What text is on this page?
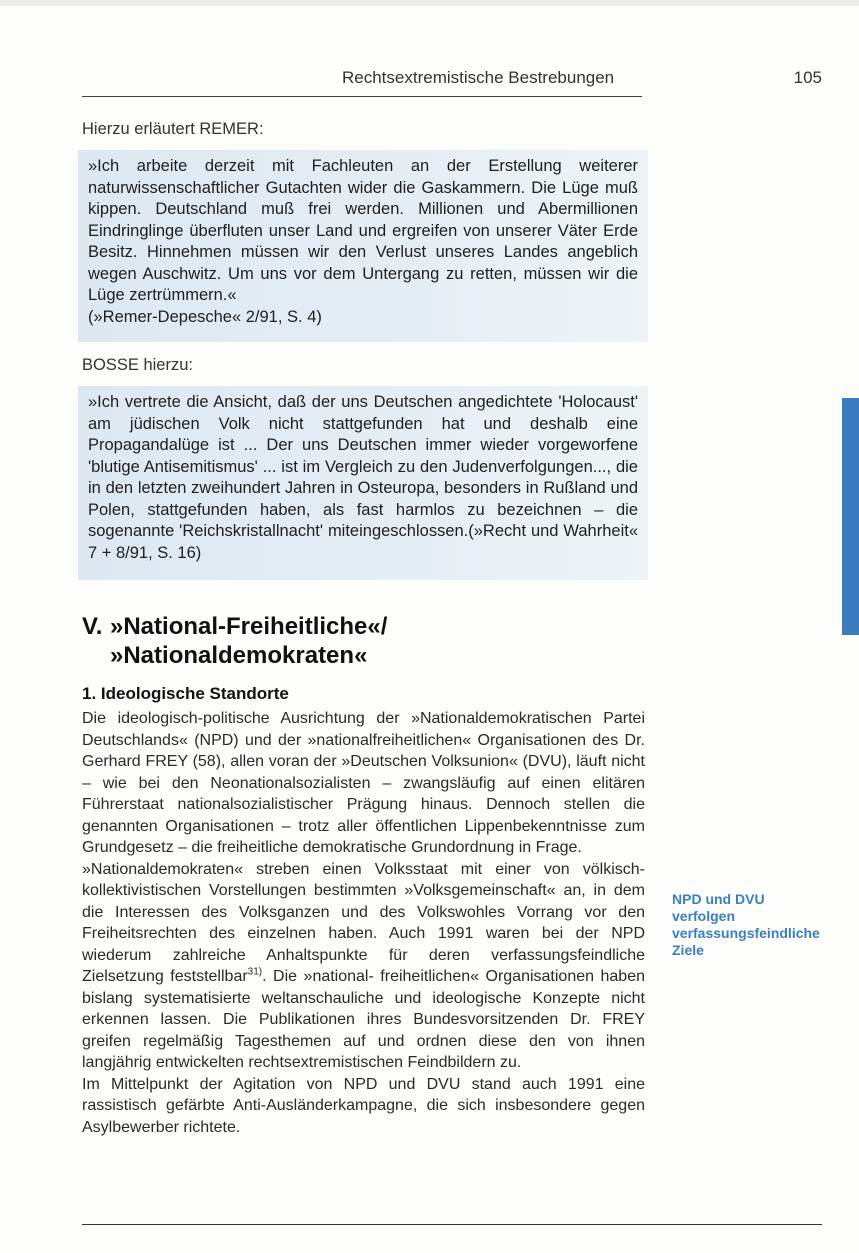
Rechtsextremistische Bestrebungen	105
Hierzu erläutert REMER:

»Ich arbeite derzeit mit Fachleuten an der Erstellung weiterer naturwissenschaftlicher Gutachten wider die Gaskammern. Die Lüge muß kippen. Deutschland muß frei werden. Millionen und Abermillionen Eindringlinge überfluten unser Land und ergreifen von unserer Väter Erde Besitz. Hinnehmen müssen wir den Verlust unseres Landes angeblich wegen Auschwitz. Um uns vor dem Untergang zu retten, müssen wir die Lüge zertrümmern.«

(»Remer-Depesche« 2/91, S. 4)

BOSSE hierzu:

»Ich vertrete die Ansicht, daß der uns Deutschen angedichtete 'Holocaust' am jüdischen Volk nicht stattgefunden hat und deshalb eine Propagandalüge ist ... Der uns Deutschen immer wieder vorgeworfene 'blutige Antisemitismus' ... ist im Vergleich zu den Judenverfolgungen..., die in den letzten zweihundert Jahren in Osteuropa, besonders in Rußland und Polen, stattgefunden haben, als fast harmlos zu bezeichnen – die sogenannte 'Reichskristallnacht' miteingeschlossen.(»Recht und Wahrheit« 7 + 8/91, S. 16)

V. »National-Freiheitliche«/
»Nationaldemokraten«
1. Ideologische Standorte

Die ideologisch-politische Ausrichtung der »Nationaldemokratischen Partei Deutschlands« (NPD) und der »nationalfreiheitlichen« Organisationen des Dr. Gerhard FREY (58), allen voran der »Deutschen Volksunion« (DVU), läuft nicht – wie bei den Neonationalsozialisten – zwangsläufig auf einen elitären Führerstaat nationalsozialistischer Prägung hinaus. Dennoch stellen die genannten Organisationen – trotz aller öffentlichen Lippenbekenntnisse zum Grundgesetz – die freiheitliche demokratische Grundordnung in Frage.

»Nationaldemokraten« streben einen Volksstaat mit einer von völkisch-kollektivistischen Vorstellungen bestimmten »Volksgemeinschaft« an, in dem die Interessen des Volksganzen und des Volkswohles Vorrang vor den Freiheitsrechten des einzelnen haben. Auch 1991 waren bei der NPD wiederum zahlreiche Anhaltspunkte für deren verfassungsfeindliche Zielsetzung feststellbar$^{31)}$. Die »national- freiheitlichen« Organisationen haben bislang systematisierte weltanschauliche und ideologische Konzepte nicht erkennen lassen. Die Publikationen ihres Bundesvorsitzenden Dr. FREY greifen regelmäßig Tagesthemen auf und ordnen diese den von ihnen langjährig entwickelten rechtsextremistischen Feindbildern zu.

Im Mittelpunkt der Agitation von NPD und DVU stand auch 1991 eine rassistisch gefärbte Anti-Ausländerkampagne, die sich insbesondere gegen Asylbewerber richtete.

NPD und DVU verfolgen verfassungsfeindliche Ziele
